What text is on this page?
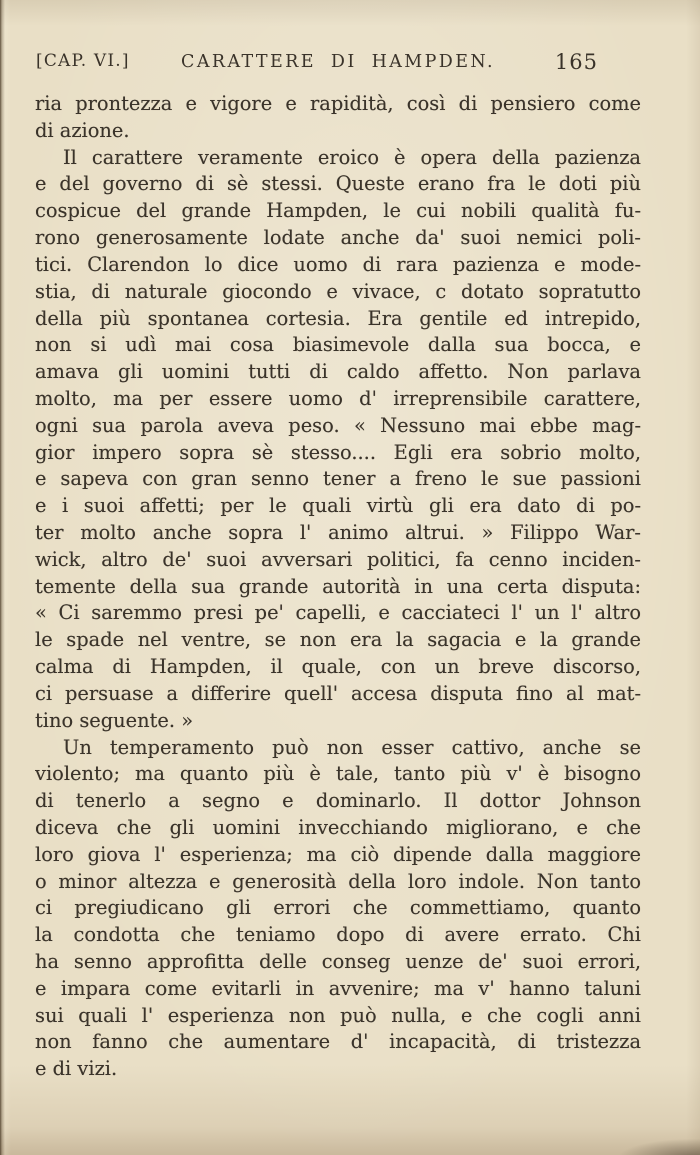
[CAP. VI.]	CARATTERE DI HAMPDEN.	165
ria prontezza e vigore e rapidità, così di pensiero come
di azione.
Il carattere veramente eroico è opera della pazienza
e del governo di sè stessi. Queste erano fra le doti più
cospicue del grande Hampden, le cui nobili qualità fu-
rono generosamente lodate anche da' suoi nemici poli-
tici. Clarendon lo dice uomo di rara pazienza e mode-
stia, di naturale giocondo e vivace, c dotato sopratutto
della più spontanea cortesia. Era gentile ed intrepido,
non si udì mai cosa biasimevole dalla sua bocca, e
amava gli uomini tutti di caldo affetto. Non parlava
molto, ma per essere uomo d' irreprensibile carattere,
ogni sua parola aveva peso. « Nessuno mai ebbe mag-
gior impero sopra sè stesso.... Egli era sobrio molto,
e sapeva con gran senno tener a freno le sue passioni
e i suoi affetti; per le quali virtù gli era dato di po-
ter molto anche sopra l' animo altrui. » Filippo War-
wick, altro de' suoi avversari politici, fa cenno inciden-
temente della sua grande autorità in una certa disputa:
« Ci saremmo presi pe' capelli, e cacciateci l' un l' altro
le spade nel ventre, se non era la sagacia e la grande
calma di Hampden, il quale, con un breve discorso,
ci persuase a differire quell' accesa disputa fino al mat-
tino seguente. »
Un temperamento può non esser cattivo, anche se
violento; ma quanto più è tale, tanto più v' è bisogno
di tenerlo a segno e dominarlo. Il dottor Johnson
diceva che gli uomini invecchiando migliorano, e che
loro giova l' esperienza; ma ciò dipende dalla maggiore
o minor altezza e generosità della loro indole. Non tanto
ci pregiudicano gli errori che commettiamo, quanto
la condotta che teniamo dopo di avere errato. Chi
ha senno approfitta delle conseg uenze de' suoi errori,
e impara come evitarli in avvenire; ma v' hanno taluni
sui quali l' esperienza non può nulla, e che cogli anni
non fanno che aumentare d' incapacità, di tristezza
e di vizi.
